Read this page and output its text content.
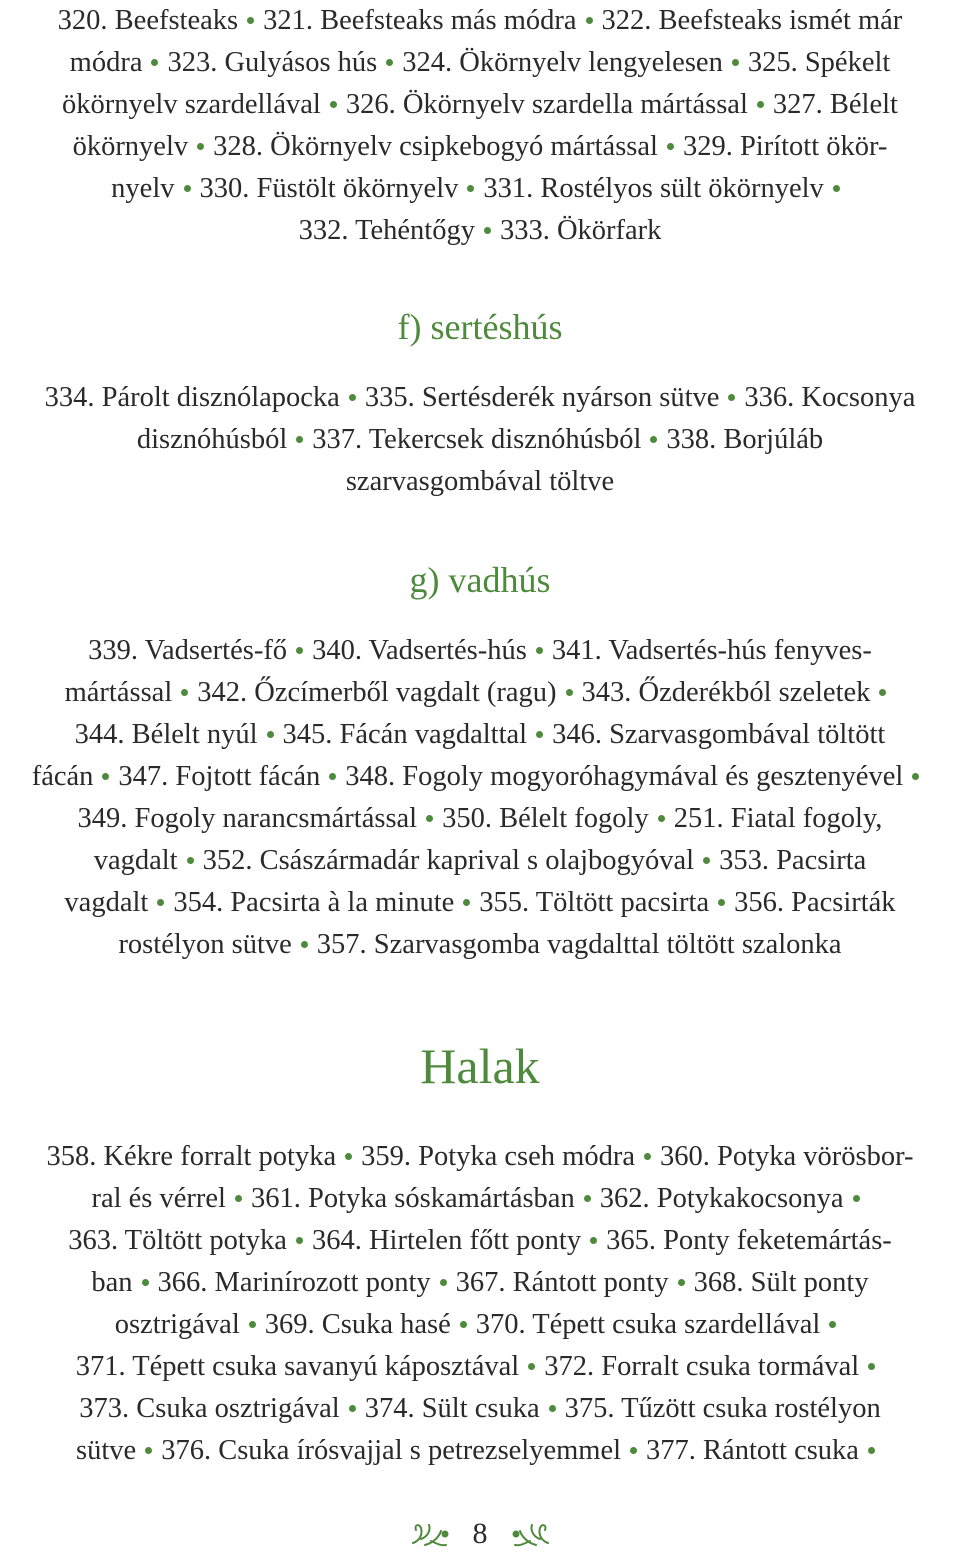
320. Beefsteaks 321. Beefsteaks más módra 322. Beefsteaks ismét már
módra 323. Gulyásos hús 324. Ökörnyelv lengyelesen 325. Spékelt
ökörnyelv szardellával 326. Ökörnyelv szardella mártással 327. Bélelt
ökörnyelv 328. Ökörnyelv csipkebogyó mártással 329. Pirított ökör-
nyelv 330. Füstölt ökörnyelv 331. Rostélyos sült ökörnyelv
332. Tehéntőgy 333. Ökörfark
f) sertéshús
334. Párolt disznólapocka 335. Sertésderék nyárson sütve 336. Kocsonya
disznóhúsból 337. Tekercsek disznóhúsból 338. Borjúláb
szarvasgombával töltve
g) vadhús
339. Vadsertés-fő 340. Vadsertés-hús 341. Vadsertés-hús fenyves-
mártással 342. Őzcímerből vagdalt (ragu) 343. Őzderékból szeletek
344. Bélelt nyúl 345. Fácán vagdalttal 346. Szarvasgombával töltött
fácán 347. Fojtott fácán 348. Fogoly mogyoróhagymával és gesztenyével
349. Fogoly narancsmártással 350. Bélelt fogoly 251. Fiatal fogoly,
vagdalt 352. Császármadár kaprival s olajbogyóval 353. Pacsirta
vagdalt 354. Pacsirta à la minute 355. Töltött pacsirta 356. Pacsirták
rostélyon sütve 357. Szarvasgomba vagdalttal töltött szalonka
Halak
358. Kékre forralt potyka 359. Potyka cseh módra 360. Potyka vörösbor-
ral és vérrel 361. Potyka sóskamártásban 362. Potykakocsonya
363. Töltött potyka 364. Hirtelen főtt ponty 365. Ponty feketemártás-
ban 366. Marinírozott ponty 367. Rántott ponty 368. Sült ponty
osztrigával 369. Csuka hasé 370. Tépett csuka szardellával
371. Tépett csuka savanyú káposztával 372. Forralt csuka tormával
373. Csuka osztrigával 374. Sült csuka 375. Tűzött csuka rostélyon
sütve 376. Csuka írósvajjal s petrezselyemmel 377. Rántott csuka
8
